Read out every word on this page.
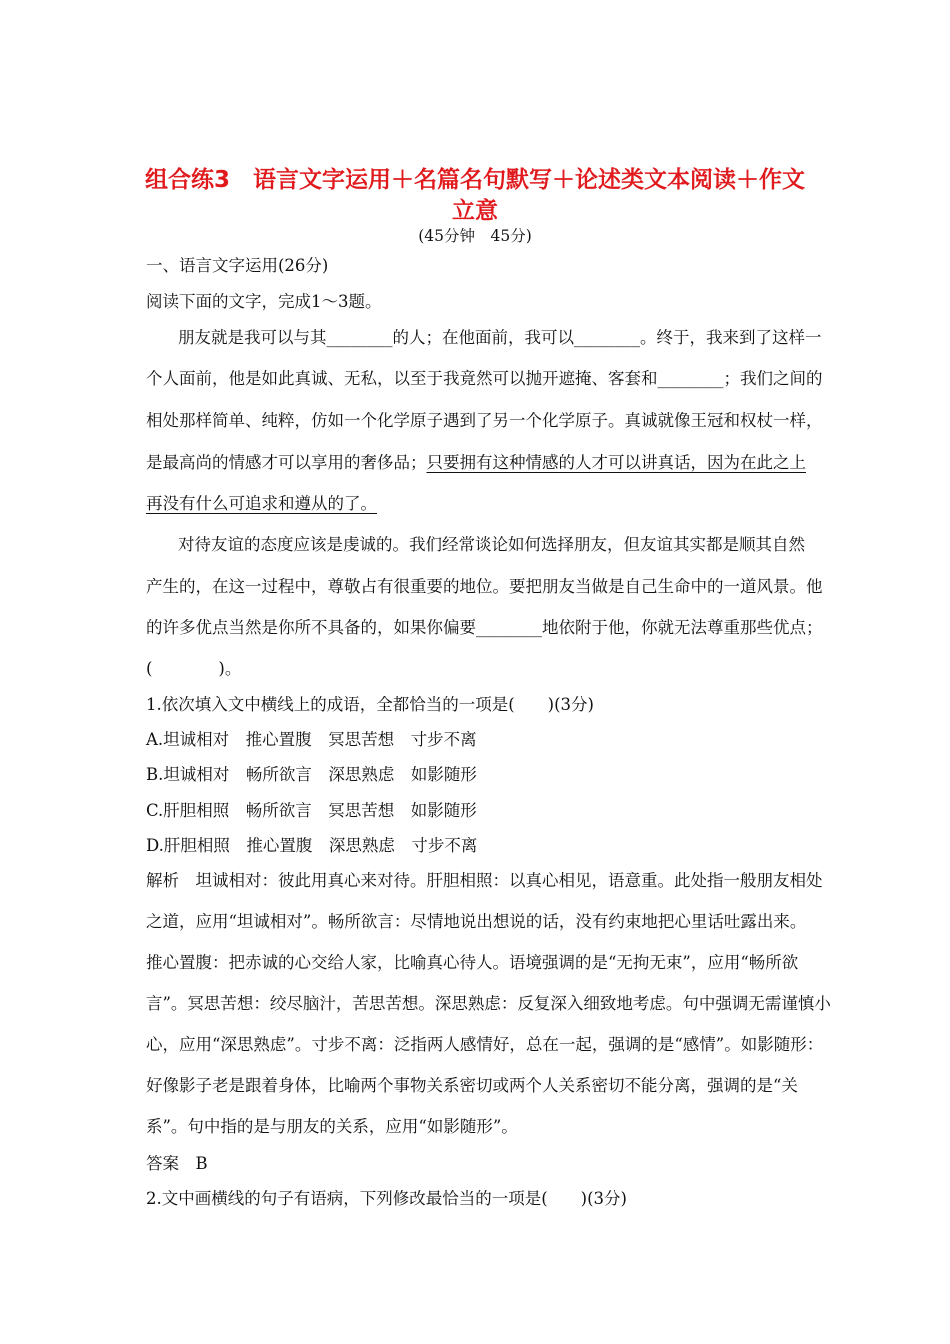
组合练3　语言文字运用＋名篇名句默写＋论述类文本阅读＋作文
立意
(45分钟　45分)
一、语言文字运用(26分)
阅读下面的文字，完成1～3题。
朋友就是我可以与其________的人；在他面前，我可以________。终于，我来到了这样一
个人面前，他是如此真诚、无私，以至于我竟然可以抛开遮掩、客套和________；我们之间的
相处那样简单、纯粹，仿如一个化学原子遇到了另一个化学原子。真诚就像王冠和权杖一样，
是最高尚的情感才可以享用的奢侈品；只要拥有这种情感的人才可以讲真话，因为在此之上
再没有什么可追求和遵从的了。
对待友谊的态度应该是虔诚的。我们经常谈论如何选择朋友，但友谊其实都是顺其自然
产生的，在这一过程中，尊敬占有很重要的地位。要把朋友当做是自己生命中的一道风景。他
的许多优点当然是你所不具备的，如果你偏要________地依附于他，你就无法尊重那些优点；
(　　　　)。
1.依次填入文中横线上的成语，全都恰当的一项是(　　)(3分)
A.坦诚相对　推心置腹　冥思苦想　寸步不离
B.坦诚相对　畅所欲言　深思熟虑　如影随形
C.肝胆相照　畅所欲言　冥思苦想　如影随形
D.肝胆相照　推心置腹　深思熟虑　寸步不离
解析　坦诚相对：彼此用真心来对待。肝胆相照：以真心相见，语意重。此处指一般朋友相处
之道，应用“坦诚相对”。畅所欲言：尽情地说出想说的话，没有约束地把心里话吐露出来。
推心置腹：把赤诚的心交给人家，比喻真心待人。语境强调的是“无拘无束”，应用“畅所欲
言”。冥思苦想：绞尽脑汁，苦思苦想。深思熟虑：反复深入细致地考虑。句中强调无需谨慎小
心，应用“深思熟虑”。寸步不离：泛指两人感情好，总在一起，强调的是“感情”。如影随形：
好像影子老是跟着身体，比喻两个事物关系密切或两个人关系密切不能分离，强调的是“关
系”。句中指的是与朋友的关系，应用“如影随形”。
答案　B
2.文中画横线的句子有语病，下列修改最恰当的一项是(　　)(3分)
